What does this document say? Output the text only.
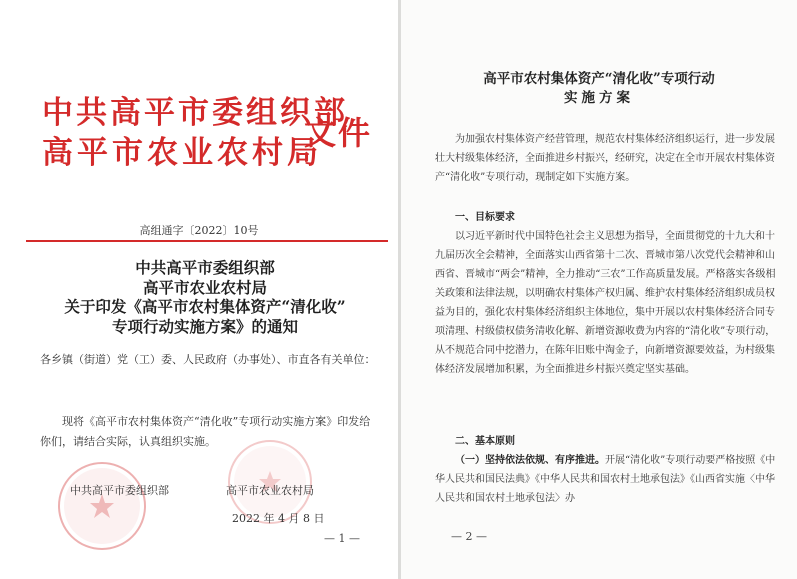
中共高平市委组织部
高平市农业农村局
文件
高组通字〔2022〕10号
中共高平市委组织部
高平市农业农村局
关于印发《高平市农村集体资产“清化收”
专项行动实施方案》的通知
各乡镇（街道）党（工）委、人民政府（办事处）、市直各有关单位：

现将《高平市农村集体资产“清化收”专项行动实施方案》印发给你们，请结合实际，认真组织实施。

中共高平市委组织部	高平市农业农村局
2022 年 4 月 8 日
— 1 —
高平市农村集体资产“清化收”专项行动
实施方案

为加强农村集体资产经营管理，规范农村集体经济组织运行，进一步发展壮大村级集体经济，全面推进乡村振兴，经研究，决定在全市开展农村集体资产“清化收”专项行动，现制定如下实施方案。

一、目标要求

以习近平新时代中国特色社会主义思想为指导，全面贯彻党的十九大和十九届历次全会精神，全面落实山西省第十二次、晋城市第八次党代会精神和山西省、晋城市“两会”精神，全力推动“三农”工作高质量发展。严格落实各级相关政策和法律法规，以明确农村集体产权归属、维护农村集体经济组织成员权益为目的，强化农村集体经济组织主体地位，集中开展以农村集体经济合同专项清理、村级债权债务清收化解、新增资源收费为内容的“清化收”专项行动，从不规范合同中挖潜力，在陈年旧账中淘金子，向新增资源要效益，为村级集体经济发展增加积累，为全面推进乡村振兴奠定坚实基础。

二、基本原则

（一）坚持依法依规、有序推进。开展“清化收”专项行动要严格按照《中华人民共和国民法典》《中华人民共和国农村土地承包法》《山西省实施〈中华人民共和国农村土地承包法〉办

— 2 —
